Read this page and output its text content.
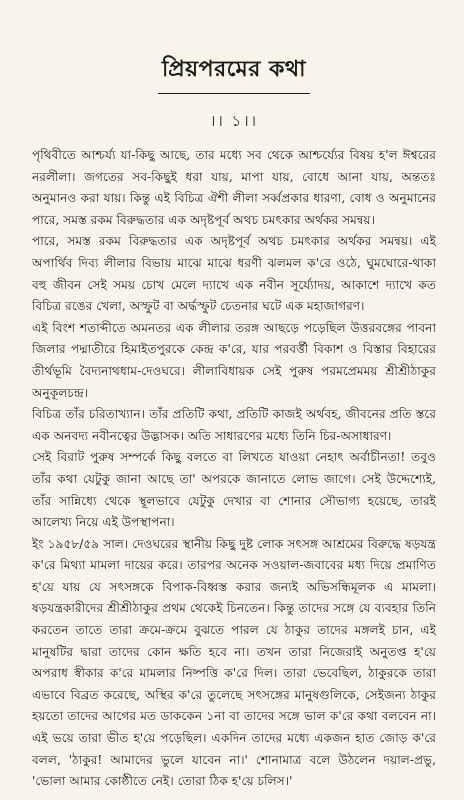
প্রিয়পরমের কথা
।। ১।।

পৃথিবীতে আশ্চর্য্য যা-কিছু আছে, তার মধ্যে সব থেকে আশ্চর্য্যের বিষয় হ'ল ঈশ্বরের নরলীলা। জগতের সব-কিছুই ধরা যায়, মাপা যায়, বোধে আনা যায়, অন্ততঃ অনুমানও করা যায়। কিন্তু এই বিচিত্র ঐশী লীলা সর্ব্বপ্রকার ধারণা, বোধ ও অনুমানের পারে, সমস্ত রকম বিরুদ্ধতার এক অদৃষ্টপূর্ব অথচ চমৎকার অর্থকর সমন্বয়।

পারে, সমস্ত রকম বিরুদ্ধতার এক অদৃষ্টপূর্ব অথচ চমৎকার অর্থকর সমন্বয়। এই অপার্থিব দিব্য লীলার বিভায় মাঝে মাঝে ধরণী ঝলমল ক'রে ওঠে, ঘুমঘোরে-থাকা বহু জীবন সেই সময় চোখ মেলে দ্যাখে এক নবীন সূর্য্যোদয়, আকাশে দ্যাখে কত বিচিত্র রঙের খেলা, অস্ফুট বা অর্দ্ধস্ফুট চেতনার ঘটে এক মহাজাগরণ।

এই বিংশ শতাব্দীতে অমনতর এক লীলার তরঙ্গ আছড়ে পড়েছিল উত্তরবঙ্গের পাবনা জিলার পদ্মাতীরে হিমাইতপুরকে কেন্দ্র ক'রে, যার পরবর্ত্তী বিকাশ ও বিস্তার বিহারের তীর্থভূমি বৈদ্যনাথধাম-দেওঘরে। লীলাবিধায়ক সেই পুরুষ পরমপ্রেমময় শ্রীশ্রীঠাকুর অনুকূলচন্দ্র।

বিচিত্র তাঁর চরিতাখ্যান। তাঁর প্রতিটি কথা, প্রতিটি কাজই অর্থবহ, জীবনের প্রতি স্তরে এক অনবদ্য নবীনত্বের উদ্ভাসক। অতি সাধারণের মধ্যে তিনি চির-অসাধারণ।

সেই বিরাট পুরুষ সম্পর্কে কিছু বলতে বা লিখতে যাওয়া নেহাৎ অর্বাচীনতা! তবুও তাঁর কথা যেটুকু জানা আছে তা' অপরকে জানাতে লোভ জাগে। সেই উদ্দেশ্যেই, তাঁর সান্নিধ্যে থেকে স্থূলভাবে যেটুকু দেখার বা শোনার সৌভাগ্য হয়েছে, তারই আলেখ্য নিয়ে এই উপস্থাপনা।

ইং ১৯৫৮/৫৯ সাল। দেওঘরের স্থানীয় কিছু দুষ্ট লোক সৎসঙ্গ আশ্রমের বিরুদ্ধে ষড়যন্ত্র ক'রে মিথ্যা মামলা দায়ের করে। তারপর অনেক সওয়াল-জবাবের মধ্য দিয়ে প্রমাণিত হ'য়ে যায় যে সৎসঙ্গকে বিপাক-বিধ্বস্ত করার জন্যই অভিসন্ধিমূলক এ মামলা। ষড়যন্ত্রকারীদের শ্রীশ্রীঠাকুর প্রথম থেকেই চিনতেন। কিন্তু তাদের সঙ্গে যে ব্যবহার তিনি করতেন তাতে তারা ক্রমে-ক্রমে বুঝতে পারল যে ঠাকুর তাদের মঙ্গলই চান, এই মানুষটির দ্বারা তাদের কোন ক্ষতি হবে না। তখন তারা নিজেরাই অনুতপ্ত হ'য়ে অপরাধ স্বীকার ক'রে মামলার নিষ্পত্তি ক'রে দিল। তারা ভেবেছিল, ঠাকুরকে তারা এভাবে বিব্রত করেছে, অস্থির ক'রে তুলেছে সৎসঙ্গের মানুষগুলিকে, সেইজন্য ঠাকুর হয়তো তাদের আগের মত ডাককেন ১না বা তাদের সঙ্গে ভাল ক'রে কথা বলবেন না। এই ভয়ে তারা ভীত হ'য়ে পড়েছিল। একদিন তাদের মধ্যে একজন হাত জোড় ক'রে বলল, 'ঠাকুর! আমাদের ভুলে যাবেন না।' শোনামাত্র বলে উঠলেন দয়াল-প্রভু, 'ভোলা আমার কোষ্ঠীতে নেই। তোরা ঠিক হ'য়ে চলিস।'
